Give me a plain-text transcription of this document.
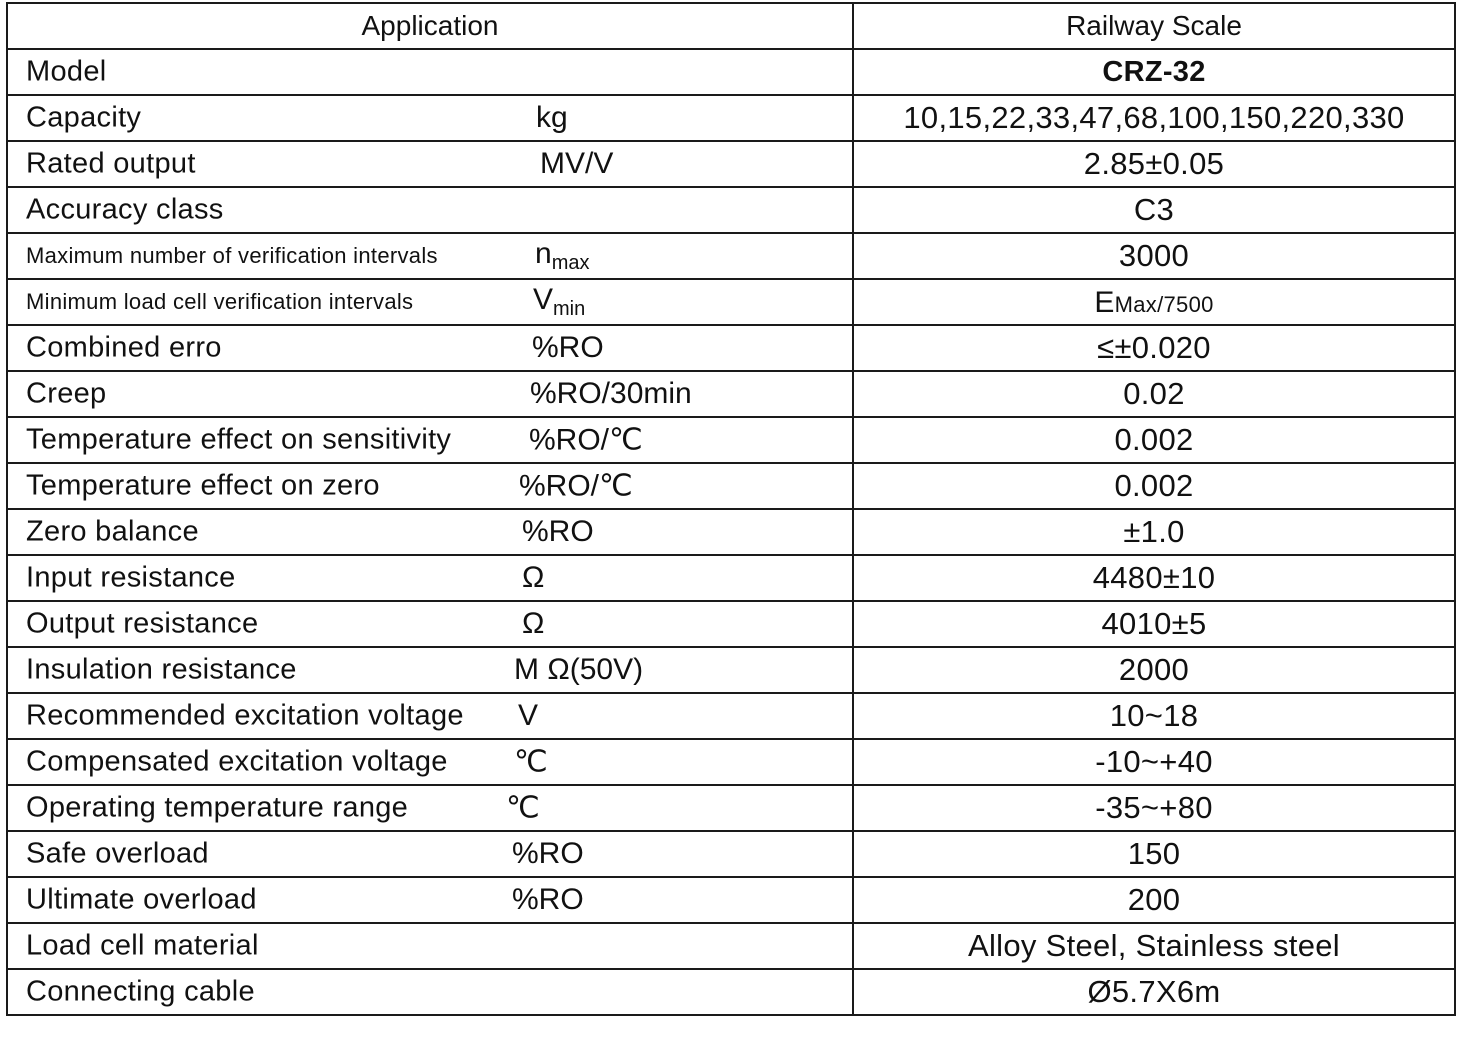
Application	Railway Scale

Model	CRZ-32

Capacity kg	10,15,22,33,47,68,100,150,220,330

Rated output MV/V	2.85±0.05

Accuracy class	C3

Maximum number of verification intervals $n_{max}$	3000

Minimum load cell verification intervals $V_{min}$	EMax/7500

Combined erro %RO	≤±0.020

Creep %RO/30min	0.02

Temperature effect on sensitivity %RO/℃	0.002

Temperature effect on zero %RO/℃	0.002

Zero balance %RO	±1.0

Input resistance Ω	4480±10

Output resistance Ω	4010±5

Insulation resistance M Ω(50V)	2000

Recommended excitation voltage V	10~18

Compensated excitation voltage ℃	-10~+40

Operating temperature range ℃	-35~+80

Safe overload %RO	150

Ultimate overload %RO	200

Load cell material	Alloy Steel, Stainless steel

Connecting cable	Ø5.7X6m
